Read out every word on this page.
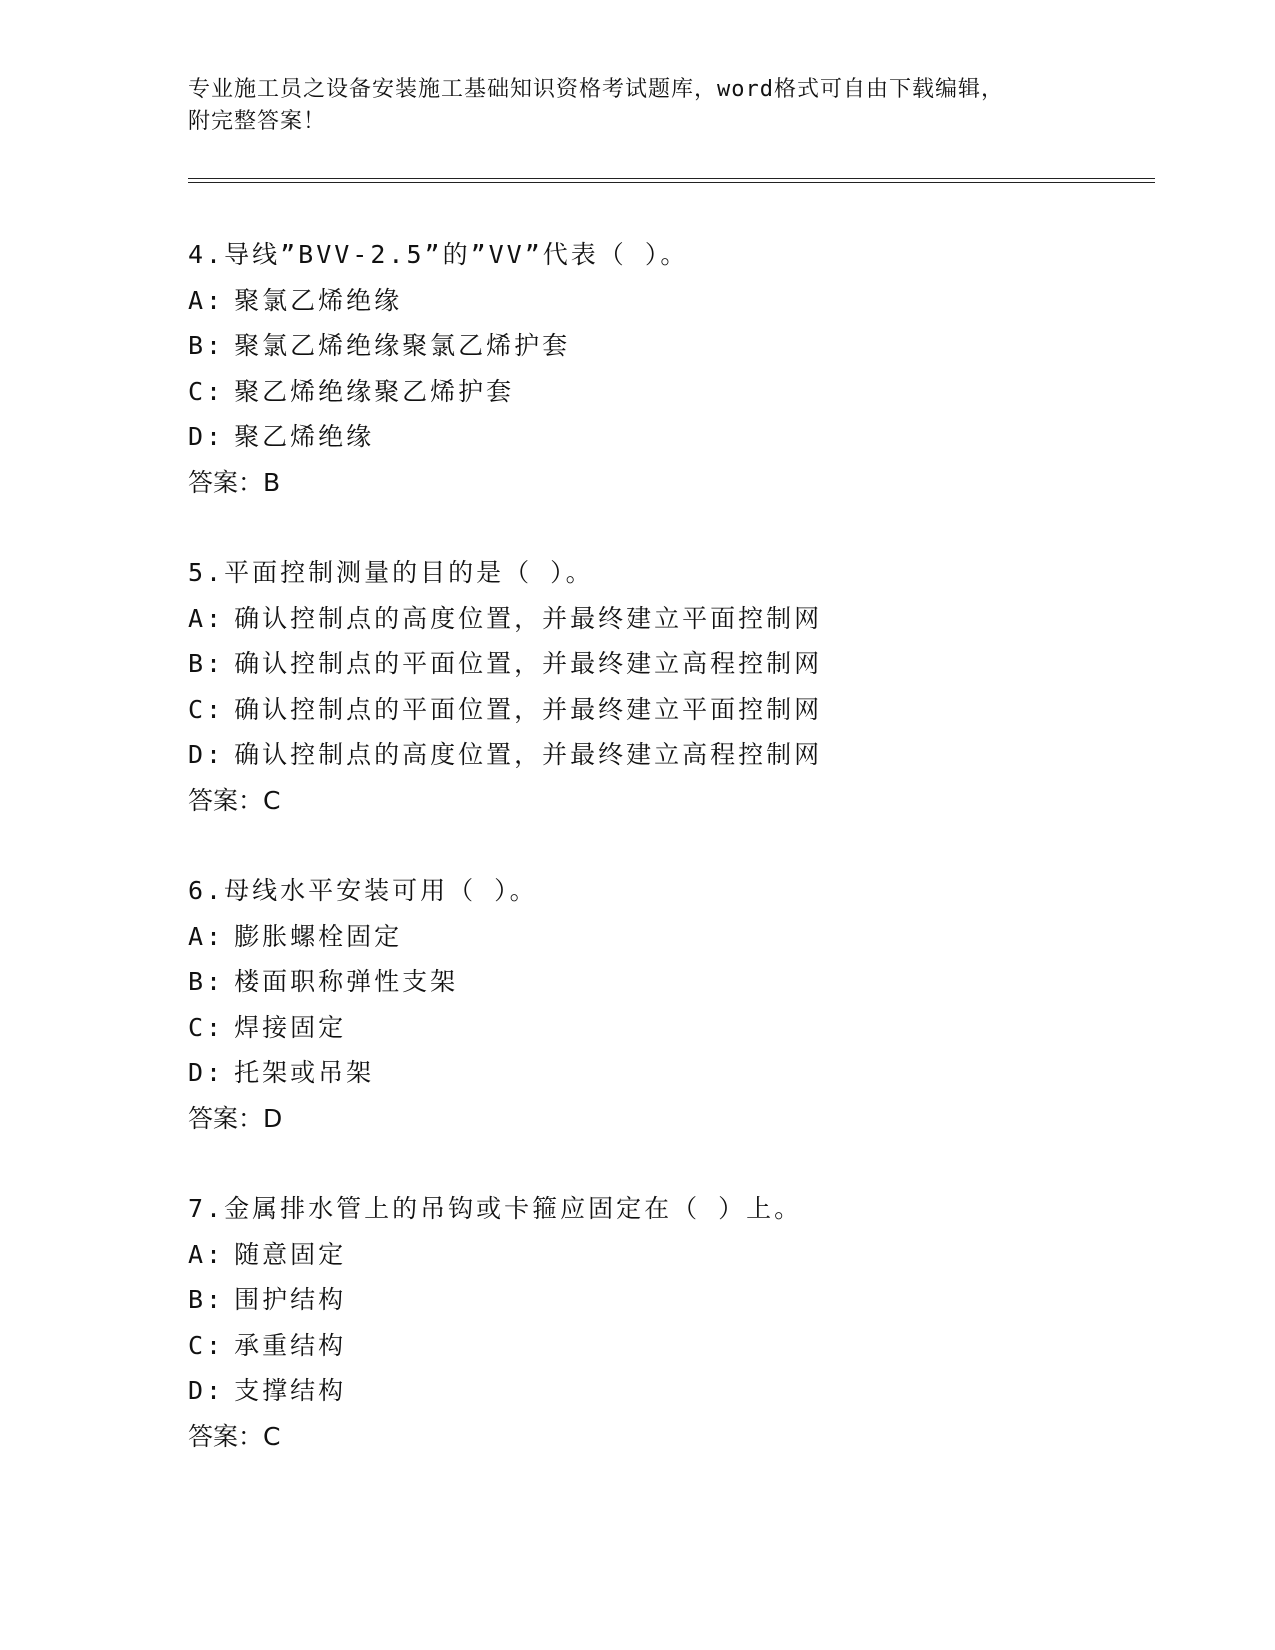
专业施工员之设备安装施工基础知识资格考试题库，word格式可自由下载编辑，
附完整答案！
4.导线”BVV-2.5”的”VV”代表（ ）。
A: 聚氯乙烯绝缘
B: 聚氯乙烯绝缘聚氯乙烯护套
C: 聚乙烯绝缘聚乙烯护套
D: 聚乙烯绝缘
答案：B
5.平面控制测量的目的是（ ）。
A: 确认控制点的高度位置，并最终建立平面控制网
B: 确认控制点的平面位置，并最终建立高程控制网
C: 确认控制点的平面位置，并最终建立平面控制网
D: 确认控制点的高度位置，并最终建立高程控制网
答案：C
6.母线水平安装可用（ ）。
A: 膨胀螺栓固定
B: 楼面职称弹性支架
C: 焊接固定
D: 托架或吊架
答案：D
7.金属排水管上的吊钩或卡箍应固定在（ ）上。
A: 随意固定
B: 围护结构
C: 承重结构
D: 支撑结构
答案：C
